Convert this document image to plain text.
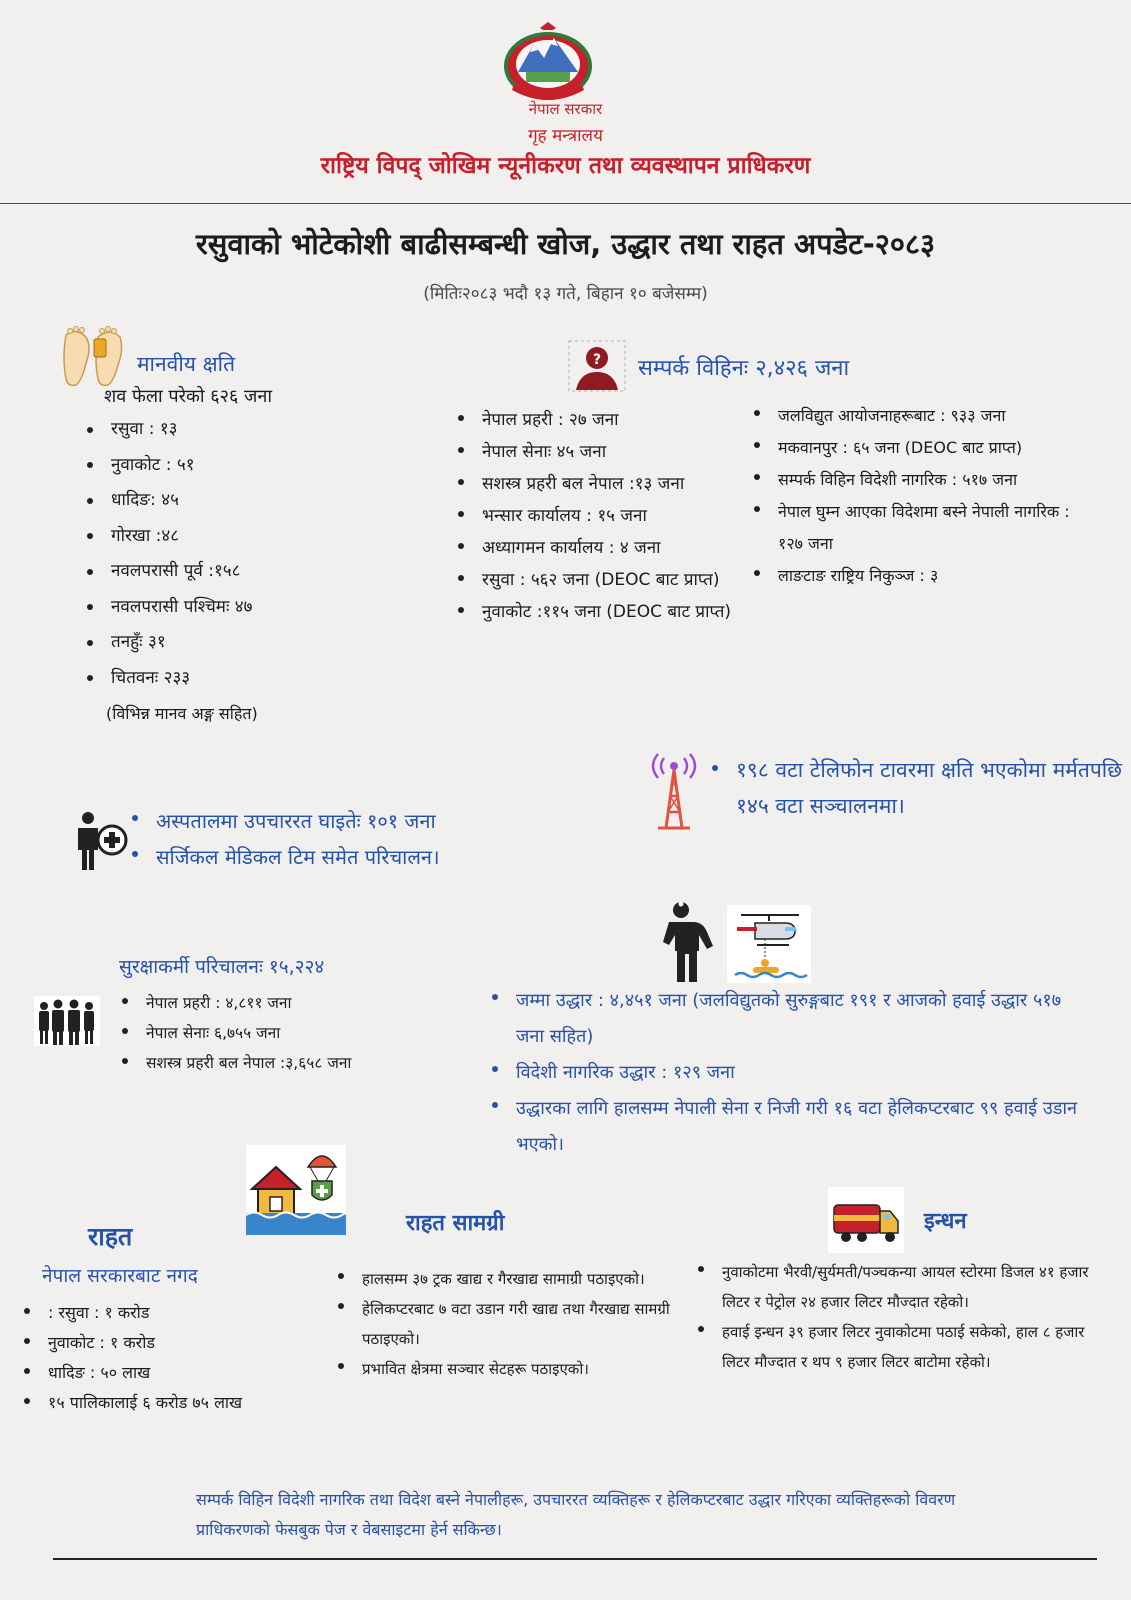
नेपाल सरकार
गृह मन्त्रालय
राष्ट्रिय विपद् जोखिम न्यूनीकरण तथा व्यवस्थापन प्राधिकरण
रसुवाको भोटेकोशी बाढीसम्बन्धी खोज, उद्धार तथा राहत अपडेट-२०८३
(मितिः२०८३ भदौ १३ गते, बिहान १० बजेसम्म)
मानवीय क्षति
शव फेला परेको ६२६ जना
रसुवा : १३
नुवाकोट : ५१
धादिङ: ४५
गोरखा :४८
नवलपरासी पूर्व :१५८
नवलपरासी पश्चिमः ४७
तनहुँः ३१
चितवनः २३३
(विभिन्न मानव अङ्ग सहित)
? सम्पर्क विहिनः २,४२६ जना
नेपाल प्रहरी : २७ जना
नेपाल सेनाः ४५ जना
सशस्त्र प्रहरी बल नेपाल :१३ जना
भन्सार कार्यालय : १५ जना
अध्यागमन कार्यालय : ४ जना
रसुवा : ५६२ जना (DEOC बाट प्राप्त)
नुवाकोट :११५ जना (DEOC बाट प्राप्त)
जलविद्युत आयोजनाहरूबाट : ९३३ जना
मकवानपुर : ६५ जना (DEOC बाट प्राप्त)
सम्पर्क विहिन विदेशी नागरिक : ५१७ जना
नेपाल घुम्न आएका विदेशमा बस्ने नेपाली नागरिक : १२७ जना
लाङटाङ राष्ट्रिय निकुञ्ज : ३
१९८ वटा टेलिफोन टावरमा क्षति भएकोमा मर्मतपछि १४५ वटा सञ्चालनमा।
अस्पतालमा उपचाररत घाइतेः १०१ जना
सर्जिकल मेडिकल टिम समेत परिचालन।
सुरक्षाकर्मी परिचालनः १५,२२४
नेपाल प्रहरी : ४,८११ जना
नेपाल सेनाः ६,७५५ जना
सशस्त्र प्रहरी बल नेपाल :३,६५८ जना
जम्मा उद्धार : ४,४५१ जना (जलविद्युतको सुरुङ्गबाट १९१ र आजको हवाई उद्धार ५१७ जना सहित)
विदेशी नागरिक उद्धार : १२९ जना
उद्धारका लागि हालसम्म नेपाली सेना र निजी गरी १६ वटा हेलिकप्टरबाट ९९ हवाई उडान भएको।
राहत
नेपाल सरकारबाट नगद
: रसुवा : १ करोड
नुवाकोट : १ करोड
धादिङ : ५० लाख
१५ पालिकालाई ६ करोड ७५ लाख
राहत सामग्री
हालसम्म ३७ ट्रक खाद्य र गैरखाद्य सामाग्री पठाइएको।
हेलिकप्टरबाट ७ वटा उडान गरी खाद्य तथा गैरखाद्य सामग्री पठाइएको।
प्रभावित क्षेत्रमा सञ्चार सेटहरू पठाइएको।
इन्धन
नुवाकोटमा भैरवी/सुर्यमती/पञ्चकन्या आयल स्टोरमा डिजल ४१ हजार लिटर र पेट्रोल २४ हजार लिटर मौज्दात रहेको।
हवाई इन्धन ३९ हजार लिटर नुवाकोटमा पठाई सकेको, हाल ८ हजार लिटर मौज्दात र थप ९ हजार लिटर बाटोमा रहेको।
सम्पर्क विहिन विदेशी नागरिक तथा विदेश बस्ने नेपालीहरू, उपचाररत व्यक्तिहरू र हेलिकप्टरबाट उद्धार गरिएका व्यक्तिहरूको विवरण प्राधिकरणको फेसबुक पेज र वेबसाइटमा हेर्न सकिन्छ।
